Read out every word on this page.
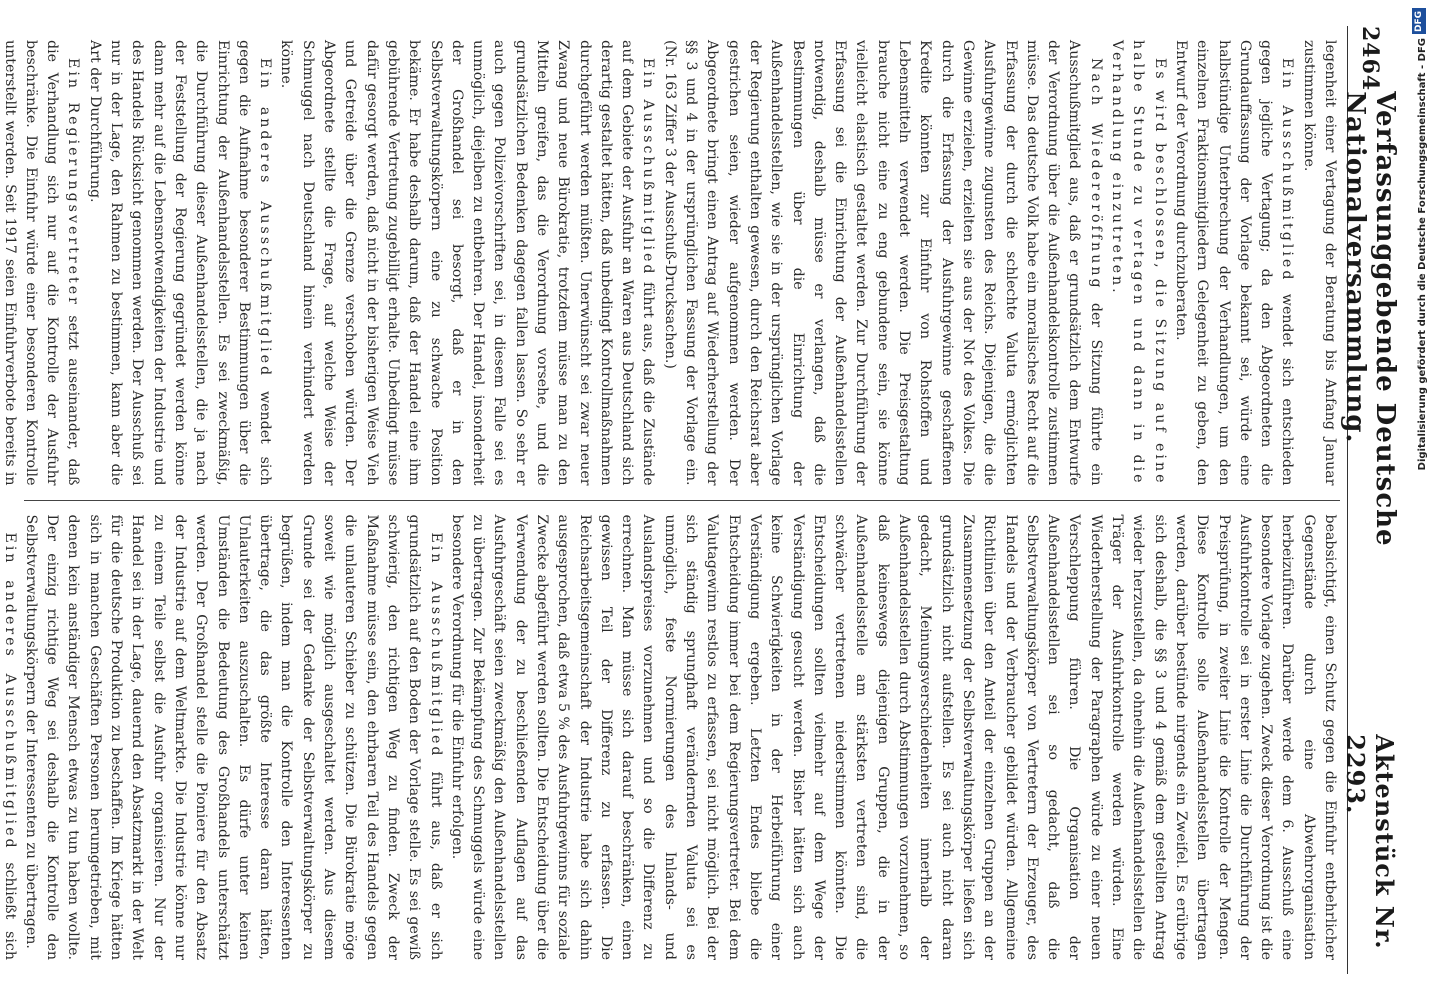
DFG
Digitalisierung gefördert durch die Deutsche Forschungsgemeinschaft - DFG
2464
Verfassunggebende Deutsche Nationalversammlung.
Aktenstück Nr. 2293.

legenheit einer Vertagung der Beratung bis Anfang Januar zustimmen könne.

Ein Ausschußmitglied wendet sich entschieden gegen jegliche Vertagung; da den Abgeordneten die Grundauffassung der Vorlage bekannt sei, würde eine halbstündige Unterbrechung der Verhandlungen, um den einzelnen Fraktionsmitgliedern Gelegenheit zu geben, den Entwurf der Verordnung durchzuberaten.

Es wird beschlossen, die Sitzung auf eine halbe Stunde zu vertagen und dann in die Verhandlung einzutreten.

Nach Wiedereröffnung der Sitzung führte ein Ausschußmitglied aus, daß er grundsätzlich dem Entwurfe der Verordnung über die Außenhandelskontrolle zustimmen müsse. Das deutsche Volk habe ein moralisches Recht auf die Erfassung der durch die schlechte Valuta ermöglichten Ausfuhrgewinne zugunsten des Reichs. Diejenigen, die die Gewinne erzielen, erzielten sie aus der Not des Volkes. Die durch die Erfassung der Ausfuhrgewinne geschaffenen Kredite könnten zur Einfuhr von Rohstoffen und Lebensmitteln verwendet werden. Die Preisgestaltung brauche nicht eine zu eng gebundene sein, sie könne vielleicht elastisch gestaltet werden. Zur Durchführung der Erfassung sei die Einrichtung der Außenhandelsstellen notwendig, deshalb müsse er verlangen, daß die Bestimmungen über die Einrichtung der Außenhandelsstellen, wie sie in der ursprünglichen Vorlage der Regierung enthalten gewesen, durch den Reichsrat aber gestrichen seien, wieder aufgenommen werden. Der Abgeordnete bringt einen Antrag auf Wiederherstellung der §§ 3 und 4 in der ursprünglichen Fassung der Vorlage ein. (Nr. 163 Ziffer 3 der Ausschuß-Drucksachen.)

Ein Ausschußmitglied führt aus, daß die Zustände auf dem Gebiete der Ausfuhr an Waren aus Deutschland sich derartig gestaltet hätten, daß unbedingt Kontrollmaßnahmen durchgeführt werden müßten. Unerwünscht sei zwar neuer Zwang und neue Bürokratie, trotzdem müsse man zu den Mitteln greifen, das die Verordnung vorsehe, und die grundsätzlichen Bedenken dagegen fallen lassen. So sehr er auch gegen Polizeivorschriften sei, in diesem Falle sei es unmöglich, diejelben zu entbehren. Der Handel, insonderheit der Großhandel sei besorgt, daß er in den Selbstverwaltungskörpern eine zu schwache Position bekäme. Er habe deshalb darum, daß der Handel eine ihm gebührende Vertretung zugebilligt erhalte. Unbedingt müsse dafür gesorgt werden, daß nicht in der bisherigen Weise Vieh und Getreide über die Grenze verschoben würden. Der Abgeordnete stellte die Frage, auf welche Weise der Schmuggel nach Deutschland hinein verhindert werden könne.

Ein anderes Ausschußmitglied wendet sich gegen die Aufnahme besonderer Bestimmungen über die Einrichtung der Außenhandelsstellen. Es sei zweckmäßig, die Durchführung dieser Außenhandelsstellen, die ja nach der Feststellung der Regierung gegründet werden könne dann mehr auf die Lebensnotwendigkeiten der Industrie und des Handels Rücksicht genommen werden. Der Ausschuß sei nur in der Lage, den Rahmen zu bestimmen, kann aber die Art der Durchführung.

Ein Regierungsvertreter setzt auseinander, daß die Verhandlung sich nur auf die Kontrolle der Ausfuhr beschränke. Die Einfuhr würde einer besonderen Kontrolle unterstellt werden. Seit 1917 seien Einfuhrverbote bereits in

beabsichtigt, einen Schutz gegen die Einfuhr entbehrlicher Gegenstände durch eine Abwehrorganisation herbeizuführen. Darüber werde dem 6. Ausschuß eine besondere Vorlage zugehen. Zweck dieser Verordnung ist die Ausfuhrkontrolle sei in erster Linie die Durchführung der Preisprüfung, in zweiter Linie die Kontrolle der Mengen. Diese Kontrolle solle Außenhandelsstellen übertragen werden, darüber bestünde nirgends ein Zweifel. Es erübrige sich deshalb, die §§ 3 und 4 gemäß dem gestellten Antrag wieder herzustellen, da ohnehin die Außenhandelsstellen die Träger der Ausfuhrkontrolle werden würden. Eine Wiederherstellung der Paragraphen würde zu einer neuen Verschleppung führen. Die Organisation der Außenhandelsstellen sei so gedacht, daß die Selbstverwaltungskörper von Vertretern der Erzeuger, des Handels und der Verbraucher gebildet würden. Allgemeine Richtlinien über den Anteil der einzelnen Gruppen an der Zusammensetzung der Selbstverwaltungskörper ließen sich grundsätzlich nicht aufstellen. Es sei auch nicht daran gedacht, Meinungsverschiedenheiten innerhalb der Außenhandelsstellen durch Abstimmungen vorzunehmen, so daß keineswegs diejenigen Gruppen, die in der Außenhandelsstelle am stärksten vertreten sind, die schwächer vertretenen niederstimmen könnten. Die Entscheidungen sollten vielmehr auf dem Wege der Verständigung gesucht werden. Bisher hätten sich auch keine Schwierigkeiten in der Herbeiführung einer Verständigung ergeben. Letzten Endes bliebe die Entscheidung immer bei dem Regierungsvertreter. Bei dem Valutagewinn restlos zu erfassen, sei nicht möglich. Bei der sich ständig sprunghaft verändernden Valuta sei es unmöglich, feste Normierungen des Inlands- und Auslandspreises vorzunehmen und so die Differenz zu errechnen. Man müsse sich darauf beschränken, einen gewissen Teil der Differenz zu erfassen. Die Reichsarbeitsgemeinschaft der Industrie habe sich dahin ausgesprochen, daß etwa 5 % des Ausfuhrgewinns für soziale Zwecke abgeführt werden sollten. Die Entscheidung über die Verwendung der zu beschließenden Auflagen auf das Ausfuhrgeschäft seien zweckmäßig den Außenhandelsstellen zu übertragen. Zur Bekämpfung des Schmuggels würde eine besondere Verordnung für die Einfuhr erfolgen.

Ein Ausschußmitglied führt aus, daß er sich grundsätzlich auf den Boden der Vorlage stelle. Es sei gewiß schwierig, den richtigen Weg zu finden. Zweck der Maßnahme müsse sein, den ehrbaren Teil des Handels gegen die unlauteren Schieber zu schützen. Die Bürokratie möge soweit wie möglich ausgeschaltet werden. Aus diesem Grunde sei der Gedanke der Selbstverwaltungskörper zu begrüßen, indem man die Kontrolle den Interessenten übertrage, die das größte Interesse daran hätten, Unlauterkeiten auszuschalten. Es dürfe unter keinen Umständen die Bedeutung des Großhandels unterschätzt werden. Der Großhandel stelle die Pioniere für den Absatz der Industrie auf dem Weltmarkte. Die Industrie könne nur zu einem Teile selbst die Ausfuhr organisieren. Nur der Handel sei in der Lage, dauernd den Absatzmarkt in der Welt für die deutsche Produktion zu beschaffen. Im Kriege hätten sich in manchen Geschäften Personen herumgetrieben, mit denen kein anständiger Mensch etwas zu tun haben wollte. Der einzig richtige Weg sei deshalb die Kontrolle den Selbstverwaltungskörpern der Interessenten zu übertragen.

Ein anderes Ausschußmitglied schließt sich
